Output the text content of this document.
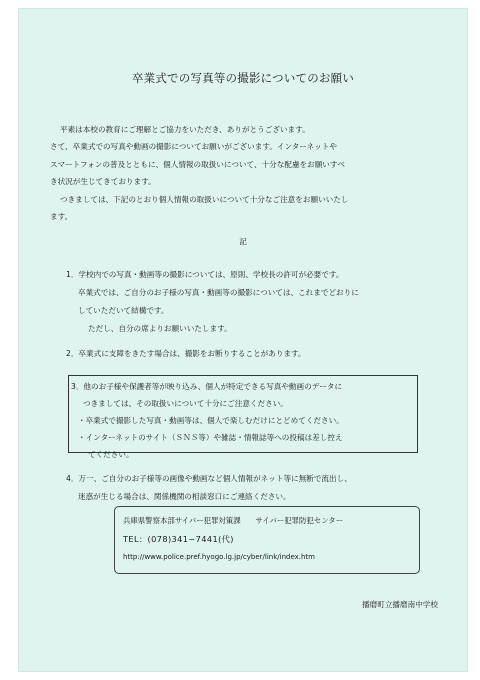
卒業式での写真等の撮影についてのお願い

平素は本校の教育にご理解とご協力をいただき、ありがとうございます。

さて、卒業式での写真や動画の撮影についてお願いがございます。インターネットや

スマートフォンの普及とともに、個人情報の取扱いについて、十分な配慮をお願いすべ

き状況が生じてきております。

つきましては、下記のとおり個人情報の取扱いについて十分なご注意をお願いいたし

ます。

記
1．学校内での写真・動画等の撮影については、原則、学校長の許可が必要です。
卒業式では、ご自分のお子様の写真・動画等の撮影については、これまでどおりに
していただいて結構です。
ただし、自分の席よりお願いいたします。
2．卒業式に支障をきたす場合は、撮影をお断りすることがあります。
3．他のお子様や保護者等が映り込み、個人が特定できる写真や動画のデータに
つきましては、その取扱いについて十分にご注意ください。
・卒業式で撮影した写真・動画等は、個人で楽しむだけにとどめてください。
・インターネットのサイト（ＳＮＳ等）や雑誌・情報誌等への投稿は差し控え
てください。
4．万一、ご自分のお子様等の画像や動画など個人情報がネット等に無断で流出し、
迷惑が生じる場合は、関係機関の相談窓口にご連絡ください。
兵庫県警察本部サイバー犯罪対策課　　サイバー犯罪防犯センター
TEL：(078)341−7441(代)
http://www.police.pref.hyogo.lg.jp/cyber/link/index.htm
播磨町立播磨南中学校
